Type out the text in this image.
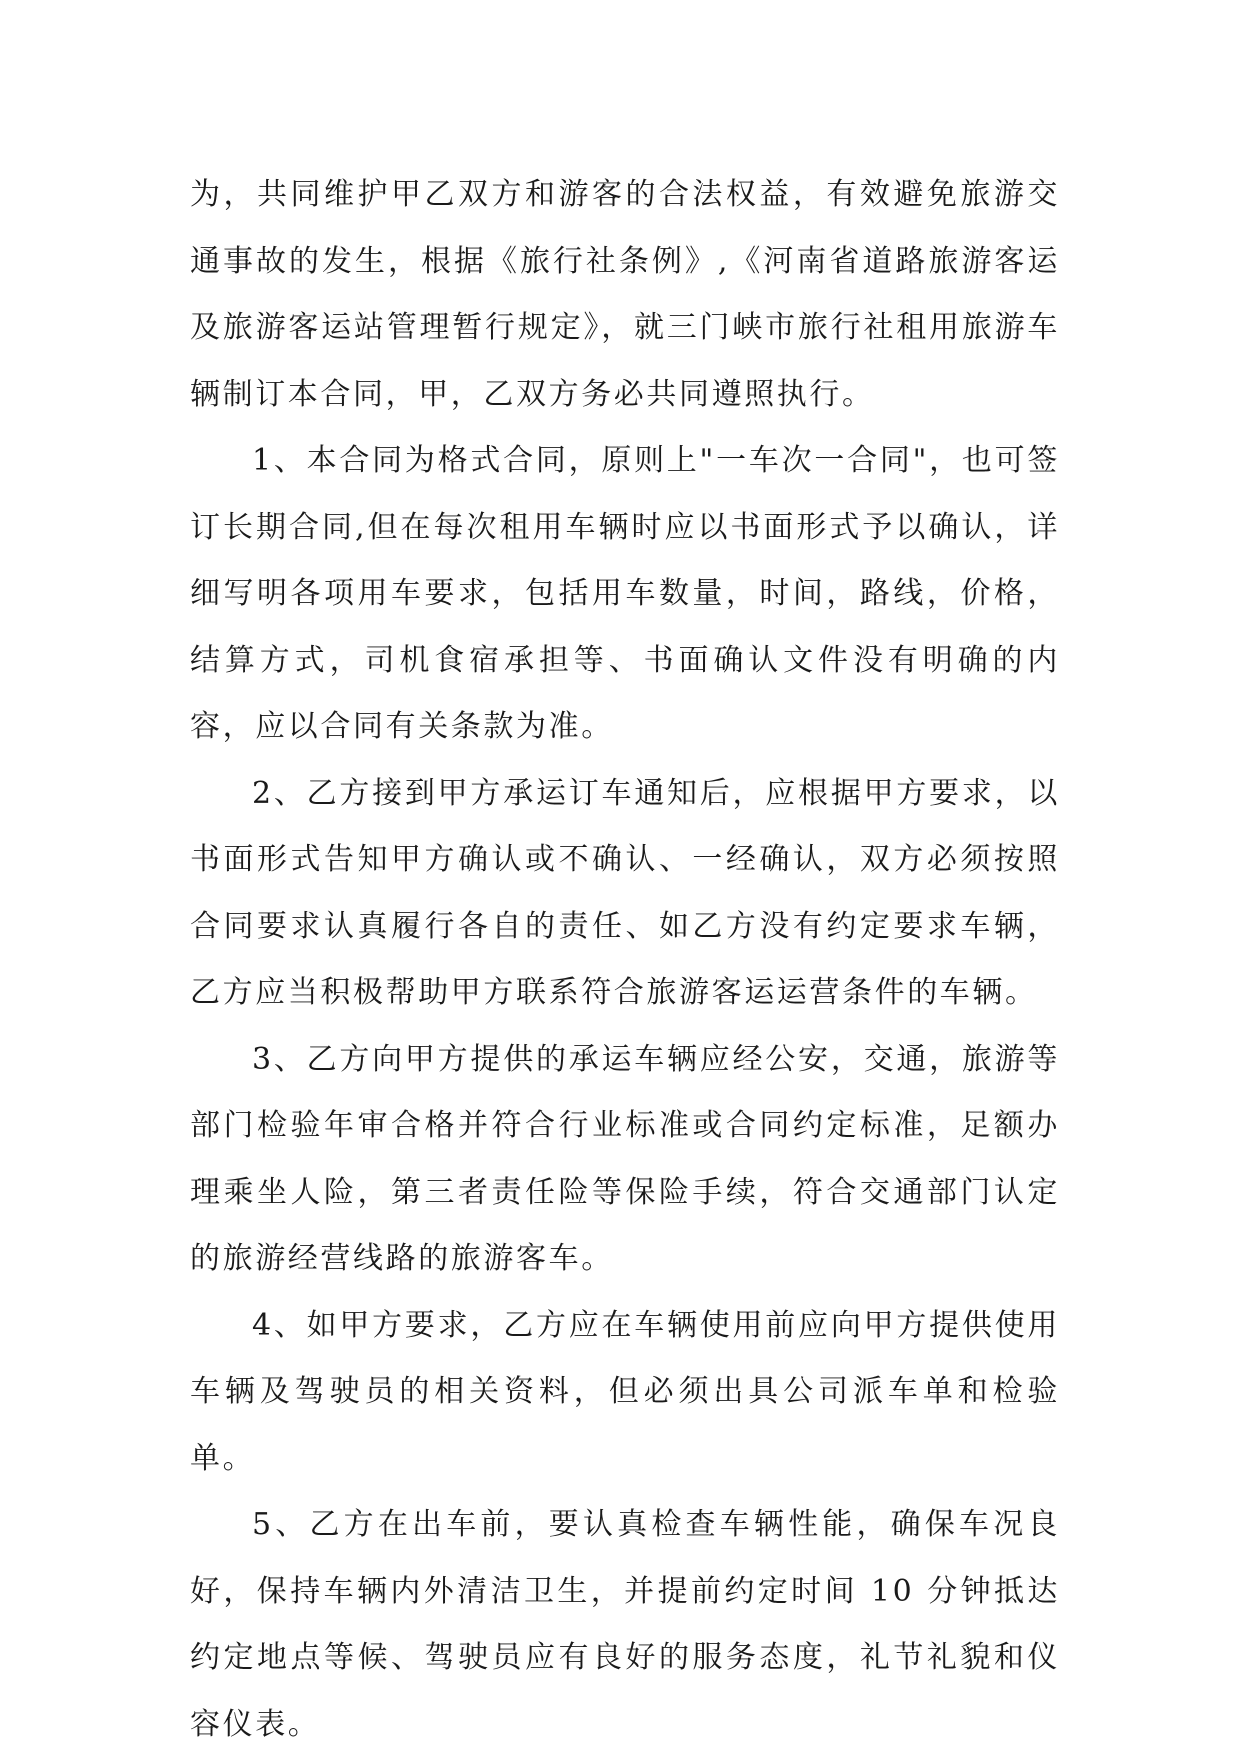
为，共同维护甲乙双方和游客的合法权益，有效避免旅游交通事故的发生，根据《旅行社条例》,《河南省道路旅游客运及旅游客运站管理暂行规定》，就三门峡市旅行社租用旅游车辆制订本合同，甲，乙双方务必共同遵照执行。

1、本合同为格式合同，原则上"一车次一合同"，也可签订长期合同,但在每次租用车辆时应以书面形式予以确认，详细写明各项用车要求，包括用车数量，时间，路线，价格，结算方式，司机食宿承担等、书面确认文件没有明确的内容，应以合同有关条款为准。

2、乙方接到甲方承运订车通知后，应根据甲方要求，以书面形式告知甲方确认或不确认、一经确认，双方必须按照合同要求认真履行各自的责任、如乙方没有约定要求车辆，乙方应当积极帮助甲方联系符合旅游客运运营条件的车辆。

3、乙方向甲方提供的承运车辆应经公安，交通，旅游等部门检验年审合格并符合行业标准或合同约定标准，足额办理乘坐人险，第三者责任险等保险手续，符合交通部门认定的旅游经营线路的旅游客车。

4、如甲方要求，乙方应在车辆使用前应向甲方提供使用车辆及驾驶员的相关资料，但必须出具公司派车单和检验单。

5、乙方在出车前，要认真检查车辆性能，确保车况良好，保持车辆内外清洁卫生，并提前约定时间 10 分钟抵达约定地点等候、驾驶员应有良好的服务态度，礼节礼貌和仪容仪表。
